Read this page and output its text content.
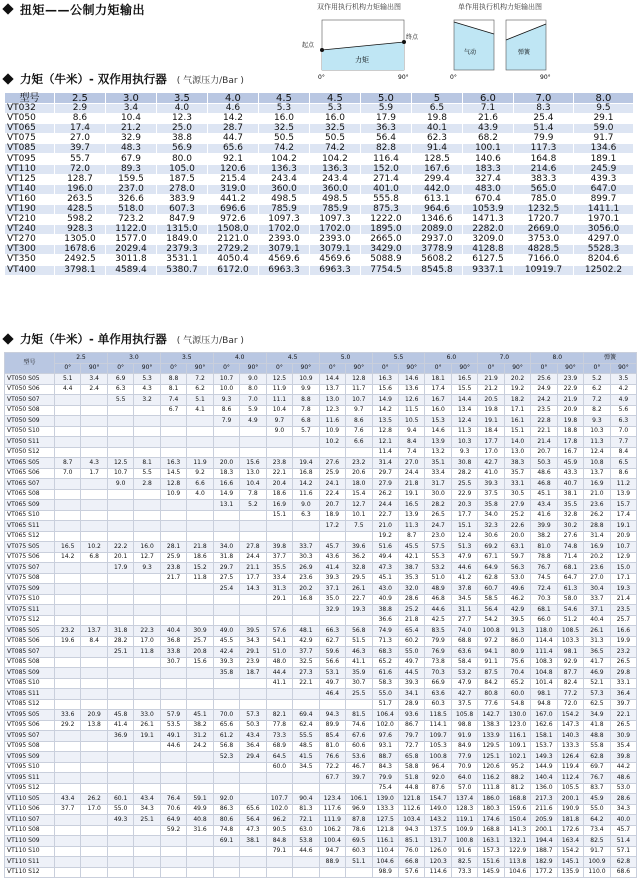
扭矩——公制力矩输出	双作用执行机构力矩输出图
起点
终点
力矩
0°	90°
单作用执行机构力矩输出图
气动	弹簧
0°	90°
力矩（牛米）- 双作用执行器 ( 气源压力/Bar )
型号	2.5	3.0	3.5	4.0	4.5	4.5	5.0	5	6.0	7.0	8.0
VT032	2.9	3.4	4.0	4.6	5.3	5.3	5.9	6.5	7.1	8.3	9.5
VT050	8.6	10.4	12.3	14.2	16.0	16.0	17.9	19.8	21.6	25.4	29.1
VT065	17.4	21.2	25.0	28.7	32.5	32.5	36.3	40.1	43.9	51.4	59.0
VT075	27.0	32.9	38.8	44.7	50.5	50.5	56.4	62.3	68.2	79.9	91.7
VT085	39.7	48.3	56.9	65.6	74.2	74.2	82.8	91.4	100.1	117.3	134.6
VT095	55.7	67.9	80.0	92.1	104.2	104.2	116.4	128.5	140.6	164.8	189.1
VT110	72.0	89.3	105.0	120.6	136.3	136.3	152.0	167.6	183.3	214.6	245.9
VT125	128.7	159.5	187.5	215.4	243.4	243.4	271.4	299.4	327.4	383.3	439.3
VT140	196.0	237.0	278.0	319.0	360.0	360.0	401.0	442.0	483.0	565.0	647.0
VT160	263.5	326.6	383.9	441.2	498.5	498.5	555.8	613.1	670.4	785.0	899.7
VT190	428.5	518.0	607.3	696.6	785.9	785.9	875.3	964.6	1053.9	1232.5	1411.1
VT210	598.2	723.2	847.9	972.6	1097.3	1097.3	1222.0	1346.6	1471.3	1720.7	1970.1
VT240	928.3	1122.0	1315.0	1508.0	1702.0	1702.0	1895.0	2089.0	2282.0	2669.0	3056.0
VT270	1305.0	1577.0	1849.0	2121.0	2393.0	2393.0	2665.0	2937.0	3209.0	3753.0	4297.0
VT300	1678.6	2029.4	2379.3	2729.2	3079.1	3079.1	3429.0	3778.9	4128.8	4828.5	5528.3
VT350	2492.5	3011.8	3531.1	4050.4	4569.6	4569.6	5088.9	5608.2	6127.5	7166.0	8204.6
VT400	3798.1	4589.4	5380.7	6172.0	6963.3	6963.3	7754.5	8545.8	9337.1	10919.7	12502.2
力矩（牛米）- 单作用执行器 ( 气源压力/Bar )
型号	2.5		3.0		3.5		4.0		4.5		5.0		5.5		6.0		7.0		8.0		弹簧	
	0°	90°	0°	90°	0°	90°	0°	90°	0°	90°	0°	90°	0°	90°	0°	90°	0°	90°	0°	90°	0°	90°
VT050 S05	5.1	3.4	6.9	5.3	8.8	7.2	10.7	9.0	12.5	10.9	14.4	12.8	16.3	14.6	18.1	16.5	21.9	20.2	25.6	23.9	5.2	3.5
VT050 S06	4.4	2.4	6.3	4.3	8.1	6.2	10.0	8.0	11.9	9.9	13.7	11.7	15.6	13.6	17.4	15.5	21.2	19.2	24.9	22.9	6.2	4.2
VT050 S07			5.5	3.2	7.4	5.1	9.3	7.0	11.1	8.8	13.0	10.7	14.9	12.6	16.7	14.4	20.5	18.2	24.2	21.9	7.2	4.9
VT050 S08					6.7	4.1	8.6	5.9	10.4	7.8	12.3	9.7	14.2	11.5	16.0	13.4	19.8	17.1	23.5	20.9	8.2	5.6
VT050 S09							7.9	4.9	9.7	6.8	11.6	8.6	13.5	10.5	15.3	12.4	19.1	16.1	22.8	19.8	9.3	6.3
VT050 S10									9.0	5.7	10.9	7.6	12.8	9.4	14.6	11.3	18.4	15.1	22.1	18.8	10.3	7.0
VT050 S11											10.2	6.6	12.1	8.4	13.9	10.3	17.7	14.0	21.4	17.8	11.3	7.7
VT050 S12													11.4	7.4	13.2	9.3	17.0	13.0	20.7	16.7	12.4	8.4
VT065 S05	8.7	4.3	12.5	8.1	16.3	11.9	20.0	15.6	23.8	19.4	27.6	23.2	31.4	27.0	35.1	30.8	42.7	38.3	50.3	45.9	10.8	6.5
VT065 S06	7.0	1.7	10.7	5.5	14.5	9.2	18.3	13.0	22.1	16.8	25.9	20.6	29.7	24.4	33.4	28.2	41.0	35.7	48.6	43.3	13.7	8.6
VT065 S07			9.0	2.8	12.8	6.6	16.6	10.4	20.4	14.2	24.1	18.0	27.9	21.8	31.7	25.5	39.3	33.1	46.8	40.7	16.9	11.2
VT065 S08					10.9	4.0	14.9	7.8	18.6	11.6	22.4	15.4	26.2	19.1	30.0	22.9	37.5	30.5	45.1	38.1	21.0	13.9
VT065 S09							13.1	5.2	16.9	9.0	20.7	12.7	24.4	16.5	28.2	20.3	35.8	27.9	43.4	35.5	23.6	15.7
VT065 S10									15.1	6.3	18.9	10.1	22.7	13.9	26.5	17.7	34.0	25.2	41.6	32.8	26.2	17.4
VT065 S11											17.2	7.5	21.0	11.3	24.7	15.1	32.3	22.6	39.9	30.2	28.8	19.1
VT065 S12													19.2	8.7	23.0	12.4	30.6	20.0	38.2	27.6	31.4	20.9
VT075 S05	16.5	10.2	22.2	16.0	28.1	21.8	34.0	27.8	39.8	33.7	45.7	39.6	51.6	45.5	57.5	51.3	69.2	63.1	81.0	74.8	16.9	10.7
VT075 S06	14.2	6.8	20.1	12.7	25.9	18.6	31.8	24.4	37.7	30.3	43.6	36.2	49.4	42.1	55.3	47.9	67.1	59.7	78.8	71.4	20.2	12.9
VT075 S07			17.9	9.3	23.8	15.2	29.7	21.1	35.5	26.9	41.4	32.8	47.3	38.7	53.2	44.6	64.9	56.3	76.7	68.1	23.6	15.0
VT075 S08					21.7	11.8	27.5	17.7	33.4	23.6	39.3	29.5	45.1	35.3	51.0	41.2	62.8	53.0	74.5	64.7	27.0	17.1
VT075 S09							25.4	14.3	31.3	20.2	37.1	26.1	43.0	32.0	48.9	37.8	60.7	49.6	72.4	61.3	30.4	19.3
VT075 S10									29.1	16.8	35.0	22.7	40.9	28.6	46.8	34.5	58.5	46.2	70.3	58.0	33.7	21.4
VT075 S11											32.9	19.3	38.8	25.2	44.6	31.1	56.4	42.9	68.1	54.6	37.1	23.5
VT075 S12													36.6	21.8	42.5	27.7	54.2	39.5	66.0	51.2	40.4	25.7
VT085 S05	23.2	13.7	31.8	22.3	40.4	30.9	49.0	39.5	57.6	48.1	66.3	56.8	74.9	65.4	83.5	74.0	100.8	91.3	118.0	108.5	26.1	16.6
VT085 S06	19.6	8.4	28.2	17.0	36.8	25.7	45.5	34.3	54.1	42.9	62.7	51.5	71.3	60.2	79.9	68.8	97.2	86.0	114.4	103.3	31.3	19.9
VT085 S07			25.1	11.8	33.8	20.8	42.4	29.1	51.0	37.7	59.6	46.3	68.3	55.0	76.9	63.6	94.1	80.9	111.4	98.1	36.5	23.2
VT085 S08					30.7	15.6	39.3	23.9	48.0	32.5	56.6	41.1	65.2	49.7	73.8	58.4	91.1	75.6	108.3	92.9	41.7	26.5
VT085 S09							35.8	18.7	44.4	27.3	53.1	35.9	61.6	44.5	70.3	53.2	87.5	70.4	104.8	87.7	46.9	29.8
VT085 S10									41.1	22.1	49.7	30.7	58.3	39.3	66.9	47.9	84.2	65.2	101.4	82.4	52.1	33.1
VT085 S11											46.4	25.5	55.0	34.1	63.6	42.7	80.8	60.0	98.1	77.2	57.3	36.4
VT085 S12													51.7	28.9	60.3	37.5	77.6	54.8	94.8	72.0	62.5	39.7
VT095 S05	33.6	20.9	45.8	33.0	57.9	45.1	70.0	57.3	82.1	69.4	94.3	81.5	106.4	93.6	118.5	105.8	142.7	130.0	167.0	154.2	34.9	22.1
VT095 S06	29.2	13.8	41.4	26.1	53.5	38.2	65.6	50.3	77.8	62.4	89.9	74.6	102.0	86.7	114.1	98.8	138.3	123.0	162.6	147.3	41.8	26.5
VT095 S07			36.9	19.1	49.1	31.2	61.2	43.4	73.3	55.5	85.4	67.6	97.6	79.7	109.7	91.9	133.9	116.1	158.1	140.3	48.8	30.9
VT095 S08					44.6	24.2	56.8	36.4	68.9	48.5	81.0	60.6	93.1	72.7	105.3	84.9	129.5	109.1	153.7	133.3	55.8	35.4
VT095 S09							52.3	29.4	64.5	41.5	76.6	53.6	88.7	65.8	100.8	77.9	125.1	102.1	149.3	126.4	62.8	39.8
VT095 S10									60.0	34.5	72.2	46.7	84.3	58.8	96.4	70.9	120.6	95.2	144.9	119.4	69.7	44.2
VT095 S11											67.7	39.7	79.9	51.8	92.0	64.0	116.2	88.2	140.4	112.4	76.7	48.6
VT095 S12													75.4	44.8	87.6	57.0	111.8	81.2	136.0	105.5	83.7	53.0
VT110 S05	43.4	26.2	60.1	43.4	76.4	59.1	92.0		107.7	90.4	123.4	106.1	139.0	121.8	154.7	137.4	186.0	168.8	217.3	200.1	45.9	28.6
VT110 S06	37.7	17.0	55.0	34.3	70.6	49.9	86.3	65.6	102.0	81.3	117.6	96.9	133.3	112.6	149.0	128.3	180.3	159.6	211.6	190.9	55.0	34.3
VT110 S07			49.3	25.1	64.9	40.8	80.6	56.4	96.2	72.1	111.9	87.8	127.5	103.4	143.2	119.1	174.6	150.4	205.9	181.8	64.2	40.0
VT110 S08					59.2	31.6	74.8	47.3	90.5	63.0	106.2	78.6	121.8	94.3	137.5	109.9	168.8	141.3	200.1	172.6	73.4	45.7
VT110 S09							69.1	38.1	84.8	53.8	100.4	69.5	116.1	85.1	131.7	100.8	163.1	132.1	194.4	163.4	82.5	51.4
VT110 S10									79.1	44.6	94.7	60.3	110.4	76.0	126.0	91.6	157.3	122.9	188.7	154.2	91.7	57.1
VT110 S11											88.9	51.1	104.6	66.8	120.3	82.5	151.6	113.8	182.9	145.1	100.9	62.8
VT110 S12													98.9	57.6	114.6	73.3	145.9	104.6	177.2	135.9	110.0	68.6
